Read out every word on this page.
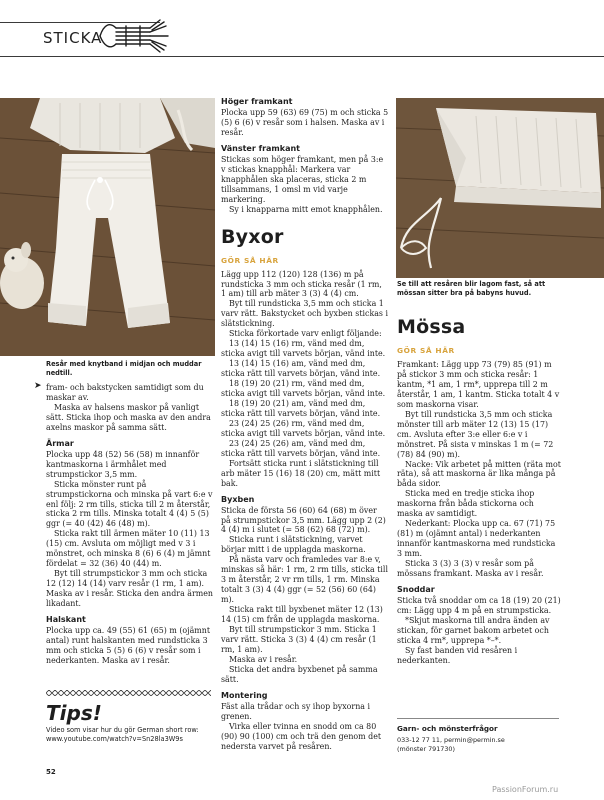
STICKA
Resår med knytband i midjan och muddar nedtill.
Se till att resåren blir lagom fast, så att mössan sitter bra på babyns huvud.
➤ fram- och bakstycken samtidigt som du maskar av.

Maska av halsens maskor på vanligt sätt. Sticka ihop och maska av den andra axelns maskor på samma sätt.

Ärmar

Plocka upp 48 (52) 56 (58) m innanför kantmaskorna i ärmhålet med strumpstickor 3,5 mm.

Sticka mönster runt på strumpstickorna och minska på vart 6:e v enl följ: 2 rm tills, sticka till 2 m återstår, sticka 2 rm tills. Minska totalt 4 (4) 5 (5) ggr (= 40 (42) 46 (48) m).

Sticka rakt till ärmen mäter 10 (11) 13 (15) cm. Avsluta om möjligt med v 3 i mönstret, och minska 8 (6) 6 (4) m jämnt fördelat = 32 (36) 40 (44) m.

Byt till strumpstickor 3 mm och sticka 12 (12) 14 (14) varv resår (1 rm, 1 am). Maska av i resår. Sticka den andra ärmen likadant.

Halskant

Plocka upp ca. 49 (55) 61 (65) m (ojämnt antal) runt halskanten med rundsticka 3 mm och sticka 5 (5) 6 (6) v resår som i nederkanten. Maska av i resår.

Höger framkant

Plocka upp 59 (63) 69 (75) m och sticka 5 (5) 6 (6) v resår som i halsen. Maska av i resår.

Vänster framkant

Stickas som höger framkant, men på 3:e v stickas knapphål: Markera var knapphålen ska placeras, sticka 2 m tillsammans, 1 omsl m vid varje markering.

Sy i knapparna mitt emot knapphålen.

Byxor
GÖR SÅ HÄR

Lägg upp 112 (120) 128 (136) m på rundsticka 3 mm och sticka resår (1 rm, 1 am) till arb mäter 3 (3) 4 (4) cm.

Byt till rundsticka 3,5 mm och sticka 1 varv rätt. Bakstycket och byxben stickas i slätstickning.

Sticka förkortade varv enligt följande:

13 (14) 15 (16) rm, vänd med dm, sticka avigt till varvets början, vänd inte.

13 (14) 15 (16) am, vänd med dm, sticka rätt till varvets början, vänd inte.

18 (19) 20 (21) rm, vänd med dm, sticka avigt till varvets början, vänd inte.

18 (19) 20 (21) am, vänd med dm, sticka rätt till varvets början, vänd inte.

23 (24) 25 (26) rm, vänd med dm, sticka avigt till varvets början, vänd inte.

23 (24) 25 (26) am, vänd med dm, sticka rätt till varvets början, vänd inte.

Fortsätt sticka runt i slätstickning till arb mäter 15 (16) 18 (20) cm, mätt mitt bak.

Byxben

Sticka de första 56 (60) 64 (68) m över på strumpstickor 3,5 mm. Lägg upp 2 (2) 4 (4) m i slutet (= 58 (62) 68 (72) m).

Sticka runt i slätstickning, varvet börjar mitt i de upplagda maskorna.

På nästa varv och framledes var 8:e v, minskas så här: 1 rm, 2 rm tills, sticka till 3 m återstår, 2 vr rm tills, 1 rm. Minska totalt 3 (3) 4 (4) ggr (= 52 (56) 60 (64) m).

Sticka rakt till byxbenet mäter 12 (13) 14 (15) cm från de upplagda maskorna.

Byt till strumpstickor 3 mm. Sticka 1 varv rätt. Sticka 3 (3) 4 (4) cm resår (1 rm, 1 am).

Maska av i resår.

Sticka det andra byxbenet på samma sätt.

Montering

Fäst alla trådar och sy ihop byxorna i grenen.

Virka eller tvinna en snodd om ca 80 (90) 90 (100) cm och trä den genom det nedersta varvet på resåren.

Mössa
GÖR SÅ HÄR

Framkant: Lägg upp 73 (79) 85 (91) m på stickor 3 mm och sticka resår: 1 kantm, *1 am, 1 rm*, upprepa till 2 m återstår, 1 am, 1 kantm. Sticka totalt 4 v som maskorna visar.

Byt till rundsticka 3,5 mm och sticka mönster till arb mäter 12 (13) 15 (17) cm. Avsluta efter 3:e eller 6:e v i mönstret. På sista v minskas 1 m (= 72 (78) 84 (90) m).

Nacke: Vik arbetet på mitten (räta mot räta), så att maskorna är lika många på båda sidor.

Sticka med en tredje sticka ihop maskorna från båda stickorna och maska av samtidigt.

Nederkant: Plocka upp ca. 67 (71) 75 (81) m (ojämnt antal) i nederkanten innanför kantmaskorna med rundsticka 3 mm.

Sticka 3 (3) 3 (3) v resår som på mössans framkant. Maska av i resår.

Snoddar

Sticka två snoddar om ca 18 (19) 20 (21) cm: Lägg upp 4 m på en strumpsticka.

*Skjut maskorna till andra änden av stickan, för garnet bakom arbetet och sticka 4 rm*, upprepa *–*.

Sy fast banden vid resåren i nederkanten.

Tips!
Video som visar hur du gör German short row:
www.youtube.com/watch?v=Sn28la3W9s
Garn- och mönsterfrågor
033-12 77 11, permin@permin.se
(mönster 791730)
52
PassionForum.ru
